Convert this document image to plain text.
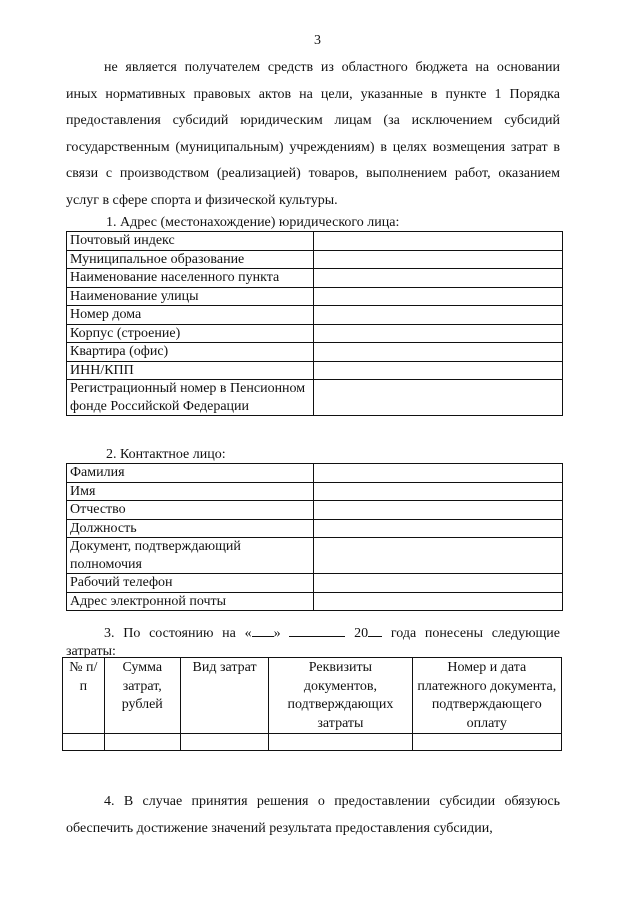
3

не является получателем средств из областного бюджета на основании иных нормативных правовых актов на цели, указанные в пункте 1 Порядка предоставления субсидий юридическим лицам (за исключением субсидий государственным (муниципальным) учреждениям) в целях возмещения затрат в связи с производством (реализацией) товаров, выполнением работ, оказанием услуг в сфере спорта и физической культуры.

1. Адрес (местонахождение) юридического лица:

Почтовый индекс	
Муниципальное образование	
Наименование населенного пункта	
Наименование улицы	
Номер дома	
Корпус (строение)	
Квартира (офис)	
ИНН/КПП	
Регистрационный номер в Пенсионном фонде Российской Федерации	

2. Контактное лицо:

Фамилия	
Имя	
Отчество	
Должность	
Документ, подтверждающий полномочия	
Рабочий телефон	
Адрес электронной почты	

3. По состоянию на « »	20 года понесены следующие затраты:

№ п/п	Сумма затрат, рублей	Вид затрат	Реквизиты документов, подтверждающих затраты	Номер и дата платежного документа, подтверждающего оплату

4. В случае принятия решения о предоставлении субсидии обязуюсь обеспечить достижение значений результата предоставления субсидии,
